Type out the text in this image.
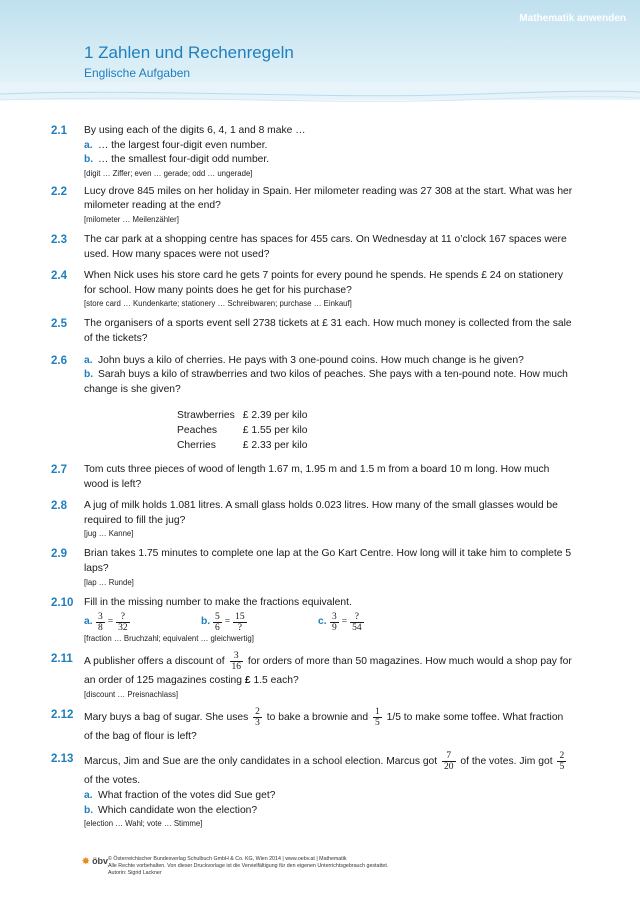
Mathematik anwenden
1 Zahlen und Rechenregeln
Englische Aufgaben
2.1 By using each of the digits 6, 4, 1 and 8 make …
a. … the largest four-digit even number.
b. … the smallest four-digit odd number.
[digit … Ziffer; even … gerade; odd … ungerade]
2.2 Lucy drove 845 miles on her holiday in Spain. Her milometer reading was 27 308 at the start. What was her milometer reading at the end?
[milometer … Meilenzähler]
2.3 The car park at a shopping centre has spaces for 455 cars. On Wednesday at 11 o’clock 167 spaces were used. How many spaces were not used?
2.4 When Nick uses his store card he gets 7 points for every pound he spends. He spends £ 24 on stationery for school. How many points does he get for his purchase?
[store card … Kundenkarte; stationery … Schreibwaren; purchase … Einkauf]
2.5 The organisers of a sports event sell 2738 tickets at £ 31 each. How much money is collected from the sale of the tickets?
2.6 a. John buys a kilo of cherries. He pays with 3 one-pound coins. How much change is he given?
b. Sarah buys a kilo of strawberries and two kilos of peaches. She pays with a ten-pound note. How much change is she given?
Strawberries	£ 2.39 per kilo
Peaches	£ 1.55 per kilo
Cherries	£ 2.33 per kilo
2.7 Tom cuts three pieces of wood of length 1.67 m, 1.95 m and 1.5 m from a board 10 m long. How much wood is left?
2.8 A jug of milk holds 1.081 litres. A small glass holds 0.023 litres. How many of the small glasses would be required to fill the jug?
[jug … Kanne]
2.9 Brian takes 1.75 minutes to complete one lap at the Go Kart Centre. How long will it take him to complete 5 laps?
[lap … Runde]
2.10 Fill in the missing number to make the fractions equivalent.
a. $\frac{3}{8} = \frac{?}{32}$	b. $\frac{5}{6} = \frac{15}{?}$	c. $\frac{3}{9} = \frac{?}{54}$
[fraction … Bruchzahl; equivalent … gleichwertig]
2.11 A publisher offers a discount of $\frac{3}{16}$ for orders of more than 50 magazines. How much would a shop pay for an order of 125 magazines costing £ 1.5 each?
[discount … Preisnachlass]
2.12 Mary buys a bag of sugar. She uses $\frac{2}{3}$ to bake a brownie and $\frac{1}{5} 1/5$ to make some toffee. What fraction of the bag of flour is left?
2.13 Marcus, Jim and Sue are the only candidates in a school election. Marcus got $\frac{7}{20}$ of the votes. Jim got $\frac{2}{5}$
of the votes.
a. What fraction of the votes did Sue get?
b. Which candidate won the election?
[election … Wahl; vote … Stimme]
✸ öbv © Österreichischer Bundesverlag Schulbuch GmbH & Co. KG, Wien 2014 | www.oebv.at | Mathematik
Alle Rechte vorbehalten. Von dieser Druckvorlage ist die Vervielfältigung für den eigenen Unterrichtsgebrauch gestattet.
Autorin: Sigrid Lackner
